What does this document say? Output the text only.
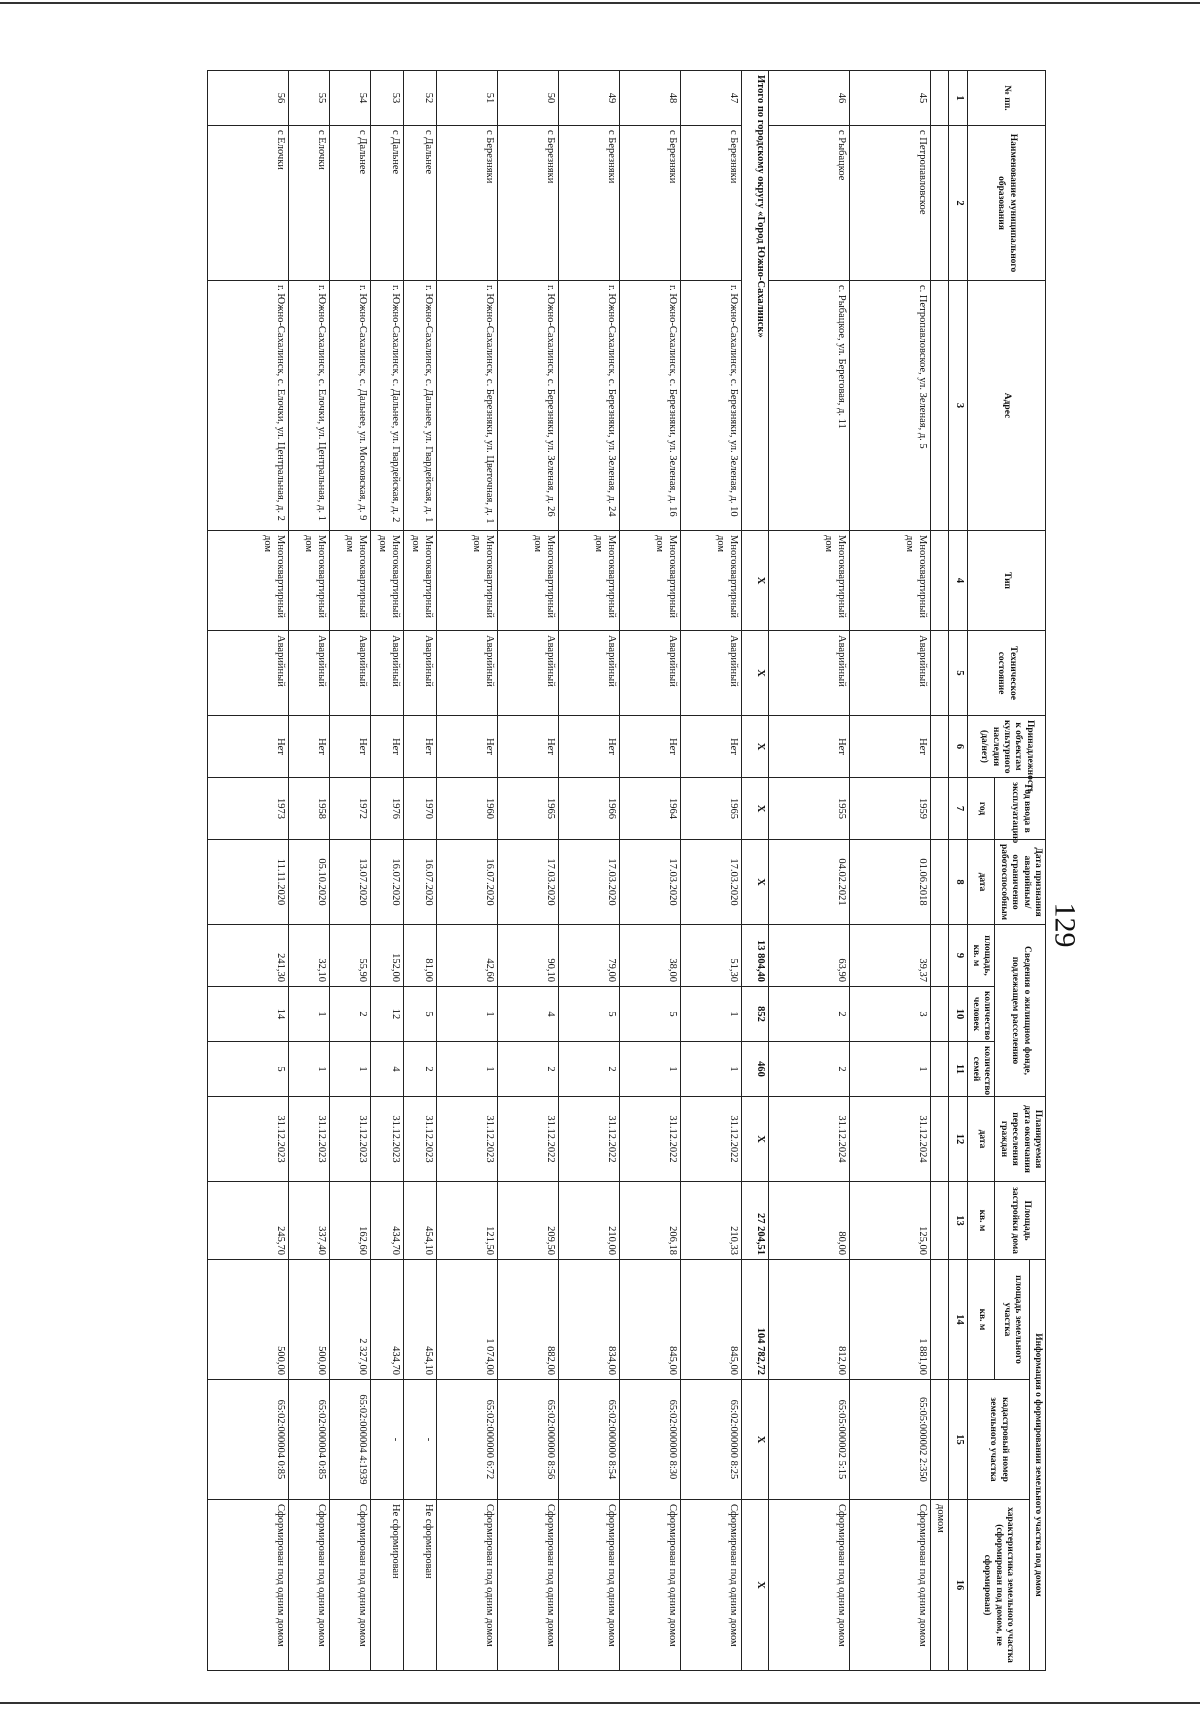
129
№ пп.	Наименование муниципального образования	Адрес	Тип	Техническое состояние	Принадлежность к объектам культурного наследия (да/нет)	Год ввода в эксплуатацию	Дата признания аварийным/ограниченно работоспособным	Сведения о жилищном фонде, подлежащем расселению			Планируемая дата окончания переселения граждан	Площадь застройки дома	Информация о формировании земельного участка под домом		
													площадь земельного участка	кадастровый номер земельного участка	характеристика земельного участка (сформирован под домом, не сформирован)
						год	дата	площадь, кв. м	количество человек	количество семей	дата	кв. м	кв. м		
1	2	3	4	5	6	7	8	9	10	11	12	13	14	15	16
															домом
45	с Петропавловское	с. Петропавловское, ул. Зеленая, д. 5	Многоквартирный дом	Аварийный	Нет	1959	01.06.2018	39,37	3	1	31.12.2024	125,00	1 881,00	65:05:000002 2:350	Сформирован под одним домом
46	с Рыбацкое	с. Рыбацкое, ул. Береговая, д. 11	Многоквартирный дом	Аварийный	Нет	1955	04.02.2021	63,90	2	2	31.12.2024	80,00	812,00	65:05:000002 5:15	Сформирован под одним домом
Итого по городскому округу «Город Южно-Сахалинск»			X	X	X	X	X	13 804,40	852	460	X	27 204,51	104 782,72	X	X
47	с Березняки	г. Южно-Сахалинск, с. Березняки, ул. Зеленая, д. 10	Многоквартирный дом	Аварийный	Нет	1965	17.03.2020	51,30	1	1	31.12.2022	210,33	845,00	65:02:000000 8:25	Сформирован под одним домом
48	с Березняки	г. Южно-Сахалинск, с. Березняки, ул. Зеленая, д. 16	Многоквартирный дом	Аварийный	Нет	1964	17.03.2020	38,00	5	1	31.12.2022	206,18	845,00	65:02:000000 8:30	Сформирован под одним домом
49	с Березняки	г. Южно-Сахалинск, с. Березняки, ул. Зеленая, д. 24	Многоквартирный дом	Аварийный	Нет	1966	17.03.2020	79,00	5	2	31.12.2022	210,00	834,00	65:02:000000 8:54	Сформирован под одним домом
50	с Березняки	г. Южно-Сахалинск, с. Березняки, ул. Зеленая, д. 26	Многоквартирный дом	Аварийный	Нет	1965	17.03.2020	90,10	4	2	31.12.2022	209,50	882,00	65:02:000000 8:56	Сформирован под одним домом
51	с Березняки	г. Южно-Сахалинск, с. Березняки, ул. Цветочная, д. 1	Многоквартирный дом	Аварийный	Нет	1960	16.07.2020	42,60	1	1	31.12.2023	121,50	1 074,00	65:02:000000 6:72	Сформирован под одним домом
52	с Дальнее	г. Южно-Сахалинск, с. Дальнее, ул. Гвардейская, д. 1	Многоквартирный дом	Аварийный	Нет	1970	16.07.2020	81,00	5	2	31.12.2023	454,10	454,10	-	Не сформирован
53	с Дальнее	г. Южно-Сахалинск, с. Дальнее, ул. Гвардейская, д. 2	Многоквартирный дом	Аварийный	Нет	1976	16.07.2020	152,00	12	4	31.12.2023	434,70	434,70	-	Не сформирован
54	с Дальнее	г. Южно-Сахалинск, с. Дальнее, ул. Московская, д. 9	Многоквартирный дом	Аварийный	Нет	1972	13.07.2020	55,90	2	1	31.12.2023	162,60	2 327,00	65:02:000004 4:1939	Сформирован под одним домом
55	с Елочки	г. Южно-Сахалинск, с. Елочки, ул. Центральная, д. 1	Многоквартирный дом	Аварийный	Нет	1958	05.10.2020	32,10	1	1	31.12.2023	337,40	500,00	65:02:000004 0:85	Сформирован под одним домом
56	с Елочки	г. Южно-Сахалинск, с. Елочки, ул. Центральная, д. 2	Многоквартирный дом	Аварийный	Нет	1973	11.11.2020	241,30	14	5	31.12.2023	245,70	500,00	65:02:000004 0:85	Сформирован под одним домом
